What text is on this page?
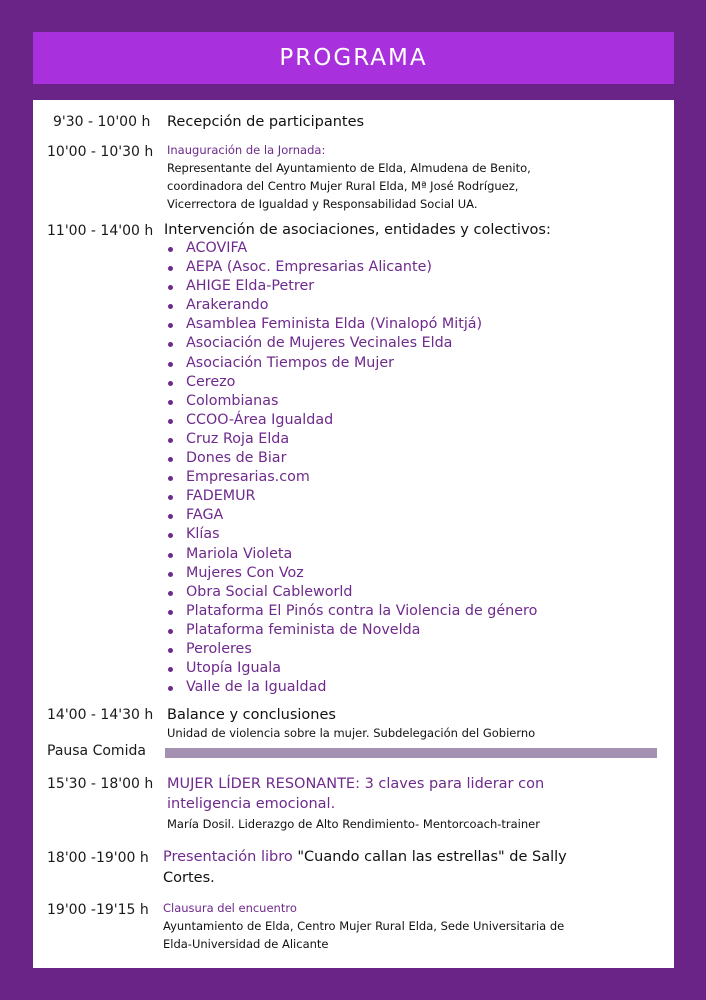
PROGRAMA
9'30 - 10'00 h Recepción de participantes
10'00 - 10'30 h Inauguración de la Jornada:
Representante del Ayuntamiento de Elda, Almudena de Benito,
coordinadora del Centro Mujer Rural Elda, Mª José Rodríguez,
Vicerrectora de Igualdad y Responsabilidad Social UA.
11'00 - 14'00 h Intervención de asociaciones, entidades y colectivos:
ACOVIFA
AEPA (Asoc. Empresarias Alicante)
AHIGE Elda-Petrer
Arakerando
Asamblea Feminista Elda (Vinalopó Mitjá)
Asociación de Mujeres Vecinales Elda
Asociación Tiempos de Mujer
Cerezo
Colombianas
CCOO-Área Igualdad
Cruz Roja Elda
Dones de Biar
Empresarias.com
FADEMUR
FAGA
Klías
Mariola Violeta
Mujeres Con Voz
Obra Social Cableworld
Plataforma El Pinós contra la Violencia de género
Plataforma feminista de Novelda
Peroleres
Utopía Iguala
Valle de la Igualdad
14'00 - 14'30 h Balance y conclusiones
Unidad de violencia sobre la mujer. Subdelegación del Gobierno
Pausa Comida
15'30 - 18'00 h MUJER LÍDER RESONANTE: 3 claves para liderar con
inteligencia emocional.
María Dosil. Liderazgo de Alto Rendimiento- Mentorcoach-trainer
18'00 -19'00 h Presentación libro "Cuando callan las estrellas" de Sally
Cortes.
19'00 -19'15 h Clausura del encuentro
Ayuntamiento de Elda, Centro Mujer Rural Elda, Sede Universitaria de
Elda-Universidad de Alicante
